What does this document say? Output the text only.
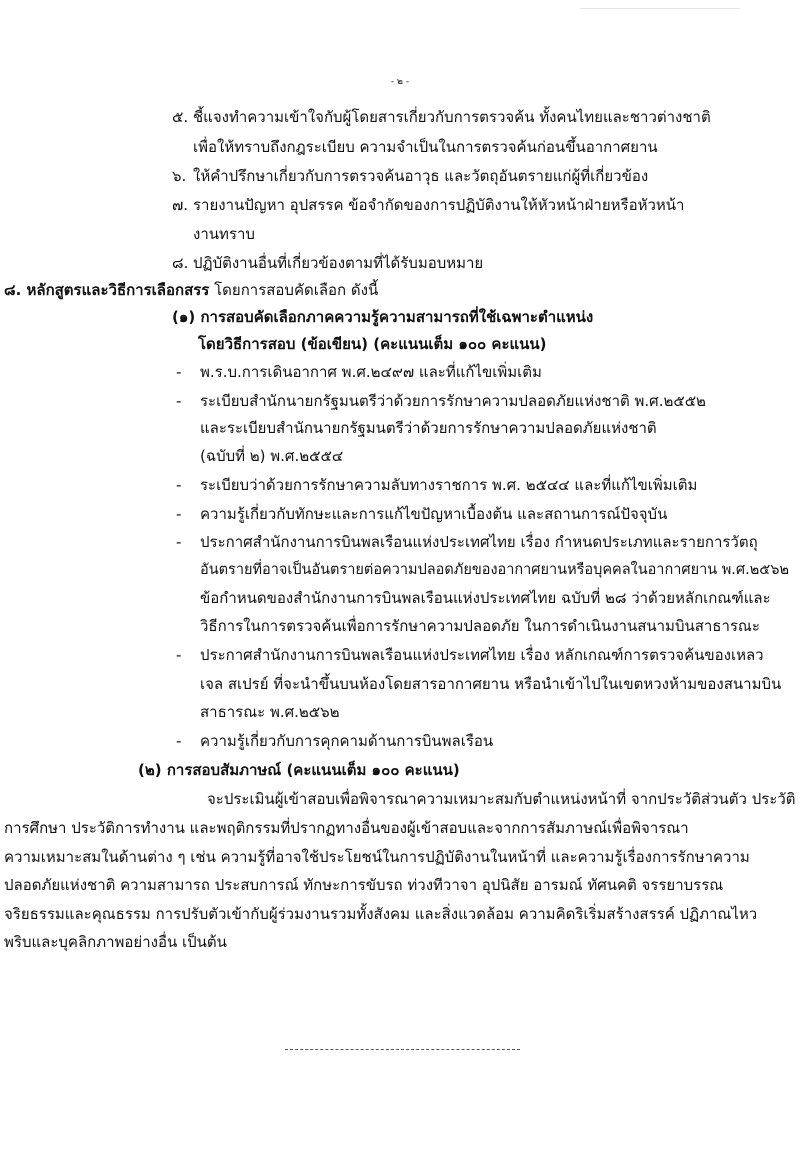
- ๒ -
๕. ชี้แจงทำความเข้าใจกับผู้โดยสารเกี่ยวกับการตรวจค้น ทั้งคนไทยและชาวต่างชาติ
เพื่อให้ทราบถึงกฎระเบียบ ความจำเป็นในการตรวจค้นก่อนขึ้นอากาศยาน
๖. ให้คำปรึกษาเกี่ยวกับการตรวจค้นอาวุธ และวัตถุอันตรายแก่ผู้ที่เกี่ยวข้อง
๗. รายงานปัญหา อุปสรรค ข้อจำกัดของการปฏิบัติงานให้หัวหน้าฝ่ายหรือหัวหน้า
งานทราบ
๘. ปฏิบัติงานอื่นที่เกี่ยวข้องตามที่ได้รับมอบหมาย
๘. หลักสูตรและวิธีการเลือกสรร โดยการสอบคัดเลือก ดังนี้
(๑) การสอบคัดเลือกภาคความรู้ความสามารถที่ใช้เฉพาะตำแหน่ง
โดยวิธีการสอบ (ข้อเขียน) (คะแนนเต็ม ๑๐๐ คะแนน)
- พ.ร.บ.การเดินอากาศ พ.ศ.๒๔๙๗ และที่แก้ไขเพิ่มเติม
- ระเบียบสำนักนายกรัฐมนตรีว่าด้วยการรักษาความปลอดภัยแห่งชาติ พ.ศ.๒๕๕๒
และระเบียบสำนักนายกรัฐมนตรีว่าด้วยการรักษาความปลอดภัยแห่งชาติ
(ฉบับที่ ๒) พ.ศ.๒๕๕๔
- ระเบียบว่าด้วยการรักษาความลับทางราชการ พ.ศ. ๒๕๔๔ และที่แก้ไขเพิ่มเติม
- ความรู้เกี่ยวกับทักษะและการแก้ไขปัญหาเบื้องต้น และสถานการณ์ปัจจุบัน
- ประกาศสำนักงานการบินพลเรือนแห่งประเทศไทย เรื่อง กำหนดประเภทและรายการวัตถุ
อันตรายที่อาจเป็นอันตรายต่อความปลอดภัยของอากาศยานหรือบุคคลในอากาศยาน พ.ศ.๒๕๖๒
ข้อกำหนดของสำนักงานการบินพลเรือนแห่งประเทศไทย ฉบับที่ ๒๘ ว่าด้วยหลักเกณฑ์และ
วิธีการในการตรวจค้นเพื่อการรักษาความปลอดภัย ในการดำเนินงานสนามบินสาธารณะ
- ประกาศสำนักงานการบินพลเรือนแห่งประเทศไทย เรื่อง หลักเกณฑ์การตรวจค้นของเหลว
เจล สเปรย์ ที่จะนำขึ้นบนห้องโดยสารอากาศยาน หรือนำเข้าไปในเขตหวงห้ามของสนามบิน
สาธารณะ พ.ศ.๒๕๖๒
- ความรู้เกี่ยวกับการคุกคามด้านการบินพลเรือน
(๒) การสอบสัมภาษณ์ (คะแนนเต็ม ๑๐๐ คะแนน)
จะประเมินผู้เข้าสอบเพื่อพิจารณาความเหมาะสมกับตำแหน่งหน้าที่ จากประวัติส่วนตัว ประวัติ
การศึกษา ประวัติการทำงาน และพฤติกรรมที่ปรากฏทางอื่นของผู้เข้าสอบและจากการสัมภาษณ์เพื่อพิจารณา
ความเหมาะสมในด้านต่าง ๆ เช่น ความรู้ที่อาจใช้ประโยชน์ในการปฏิบัติงานในหน้าที่ และความรู้เรื่องการรักษาความ
ปลอดภัยแห่งชาติ ความสามารถ ประสบการณ์ ทักษะการขับรถ ท่วงทีวาจา อุปนิสัย อารมณ์ ทัศนคติ จรรยาบรรณ
จริยธรรมและคุณธรรม การปรับตัวเข้ากับผู้ร่วมงานรวมทั้งสังคม และสิ่งแวดล้อม ความคิดริเริ่มสร้างสรรค์ ปฏิภาณไหว
พริบและบุคลิกภาพอย่างอื่น เป็นต้น
